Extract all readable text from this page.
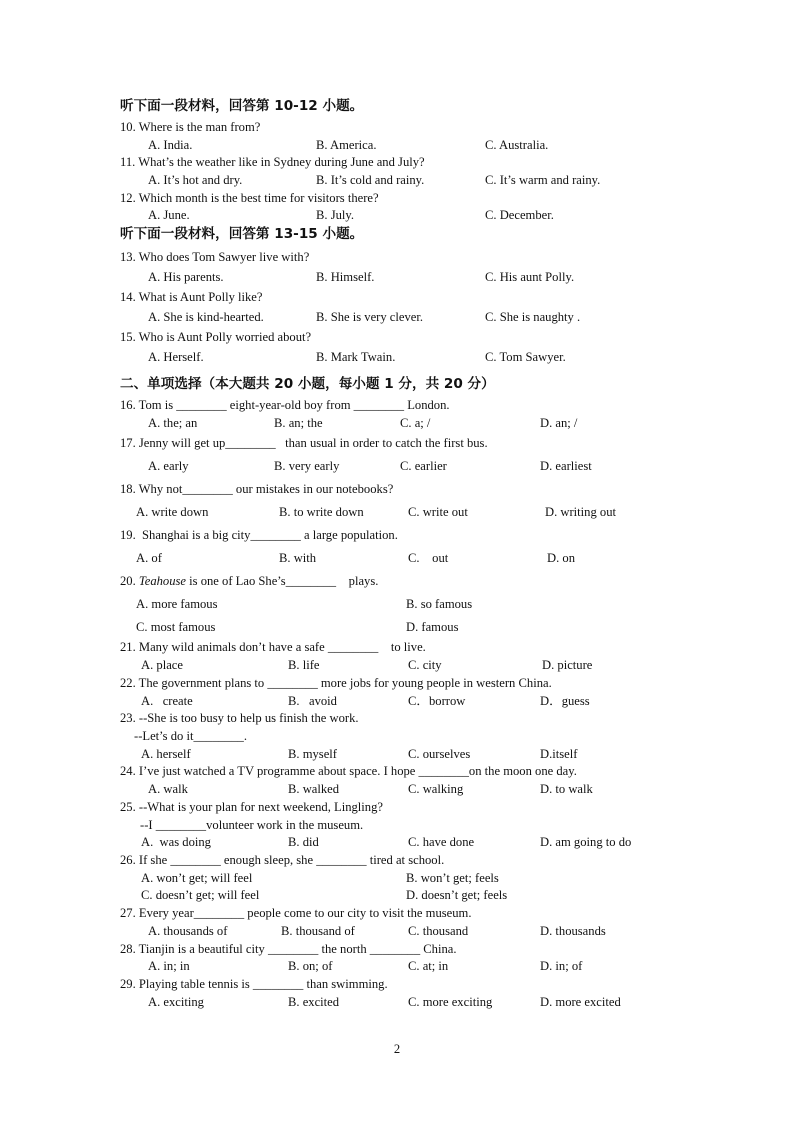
听下面一段材料，回答第 10-12 小题。
10. Where is the man from?
A. India.	B. America.	C. Australia.
11. What’s the weather like in Sydney during June and July?
A. It’s hot and dry.	B. It’s cold and rainy.	C. It’s warm and rainy.
12. Which month is the best time for visitors there?
A. June.	B. July.	C. December.
听下面一段材料，回答第 13-15 小题。
13. Who does Tom Sawyer live with?
A. His parents.	B. Himself.	C. His aunt Polly.
14. What is Aunt Polly like?
A. She is kind-hearted.	B. She is very clever.	C. She is naughty .
15. Who is Aunt Polly worried about?
A. Herself.	B. Mark Twain.	C. Tom Sawyer.
二、单项选择（本大题共 20 小题，每小题 1 分，共 20 分）
16. Tom is ________ eight-year-old boy from ________ London.
A. the; an	B. an; the	C. a; /	D. an; /
17. Jenny will get up________   than usual in order to catch the first bus.
A. early	B. very early	C. earlier	D. earliest
18. Why not________ our mistakes in our notebooks?
A. write down	B. to write down	C. write out	D. writing out
19.  Shanghai is a big city________ a large population.
A. of	B. with	C.    out	D. on
20. Teahouse is one of Lao She’s________    plays.
A. more famous	B. so famous
C. most famous	D. famous
21. Many wild animals don’t have a safe ________    to live.
A. place	B. life	C. city	D. picture
22. The government plans to ________ more jobs for young people in western China.
A.   create	B.   avoid	C．borrow	D．guess
23. --She is too busy to help us finish the work.
--Let’s do it________.
A. herself	B. myself	C. ourselves	D.itself
24. I’ve just watched a TV programme about space. I hope ________on the moon one day.
A. walk	B. walked	C. walking	D. to walk
25. --What is your plan for next weekend, Lingling?
--I ________volunteer work in the museum.
A.  was doing	B. did	C. have done	D. am going to do
26. If she ________ enough sleep, she ________ tired at school.
A. won’t get; will feel	B. won’t get; feels
C. doesn’t get; will feel	D. doesn’t get; feels
27. Every year________ people come to our city to visit the museum.
A. thousands of	B. thousand of	C. thousand	D. thousands
28. Tianjin is a beautiful city ________ the north ________ China.
A. in; in	B. on; of	C. at; in	D. in; of
29. Playing table tennis is ________ than swimming.
A. exciting	B. excited	C. more exciting	D. more excited
2
